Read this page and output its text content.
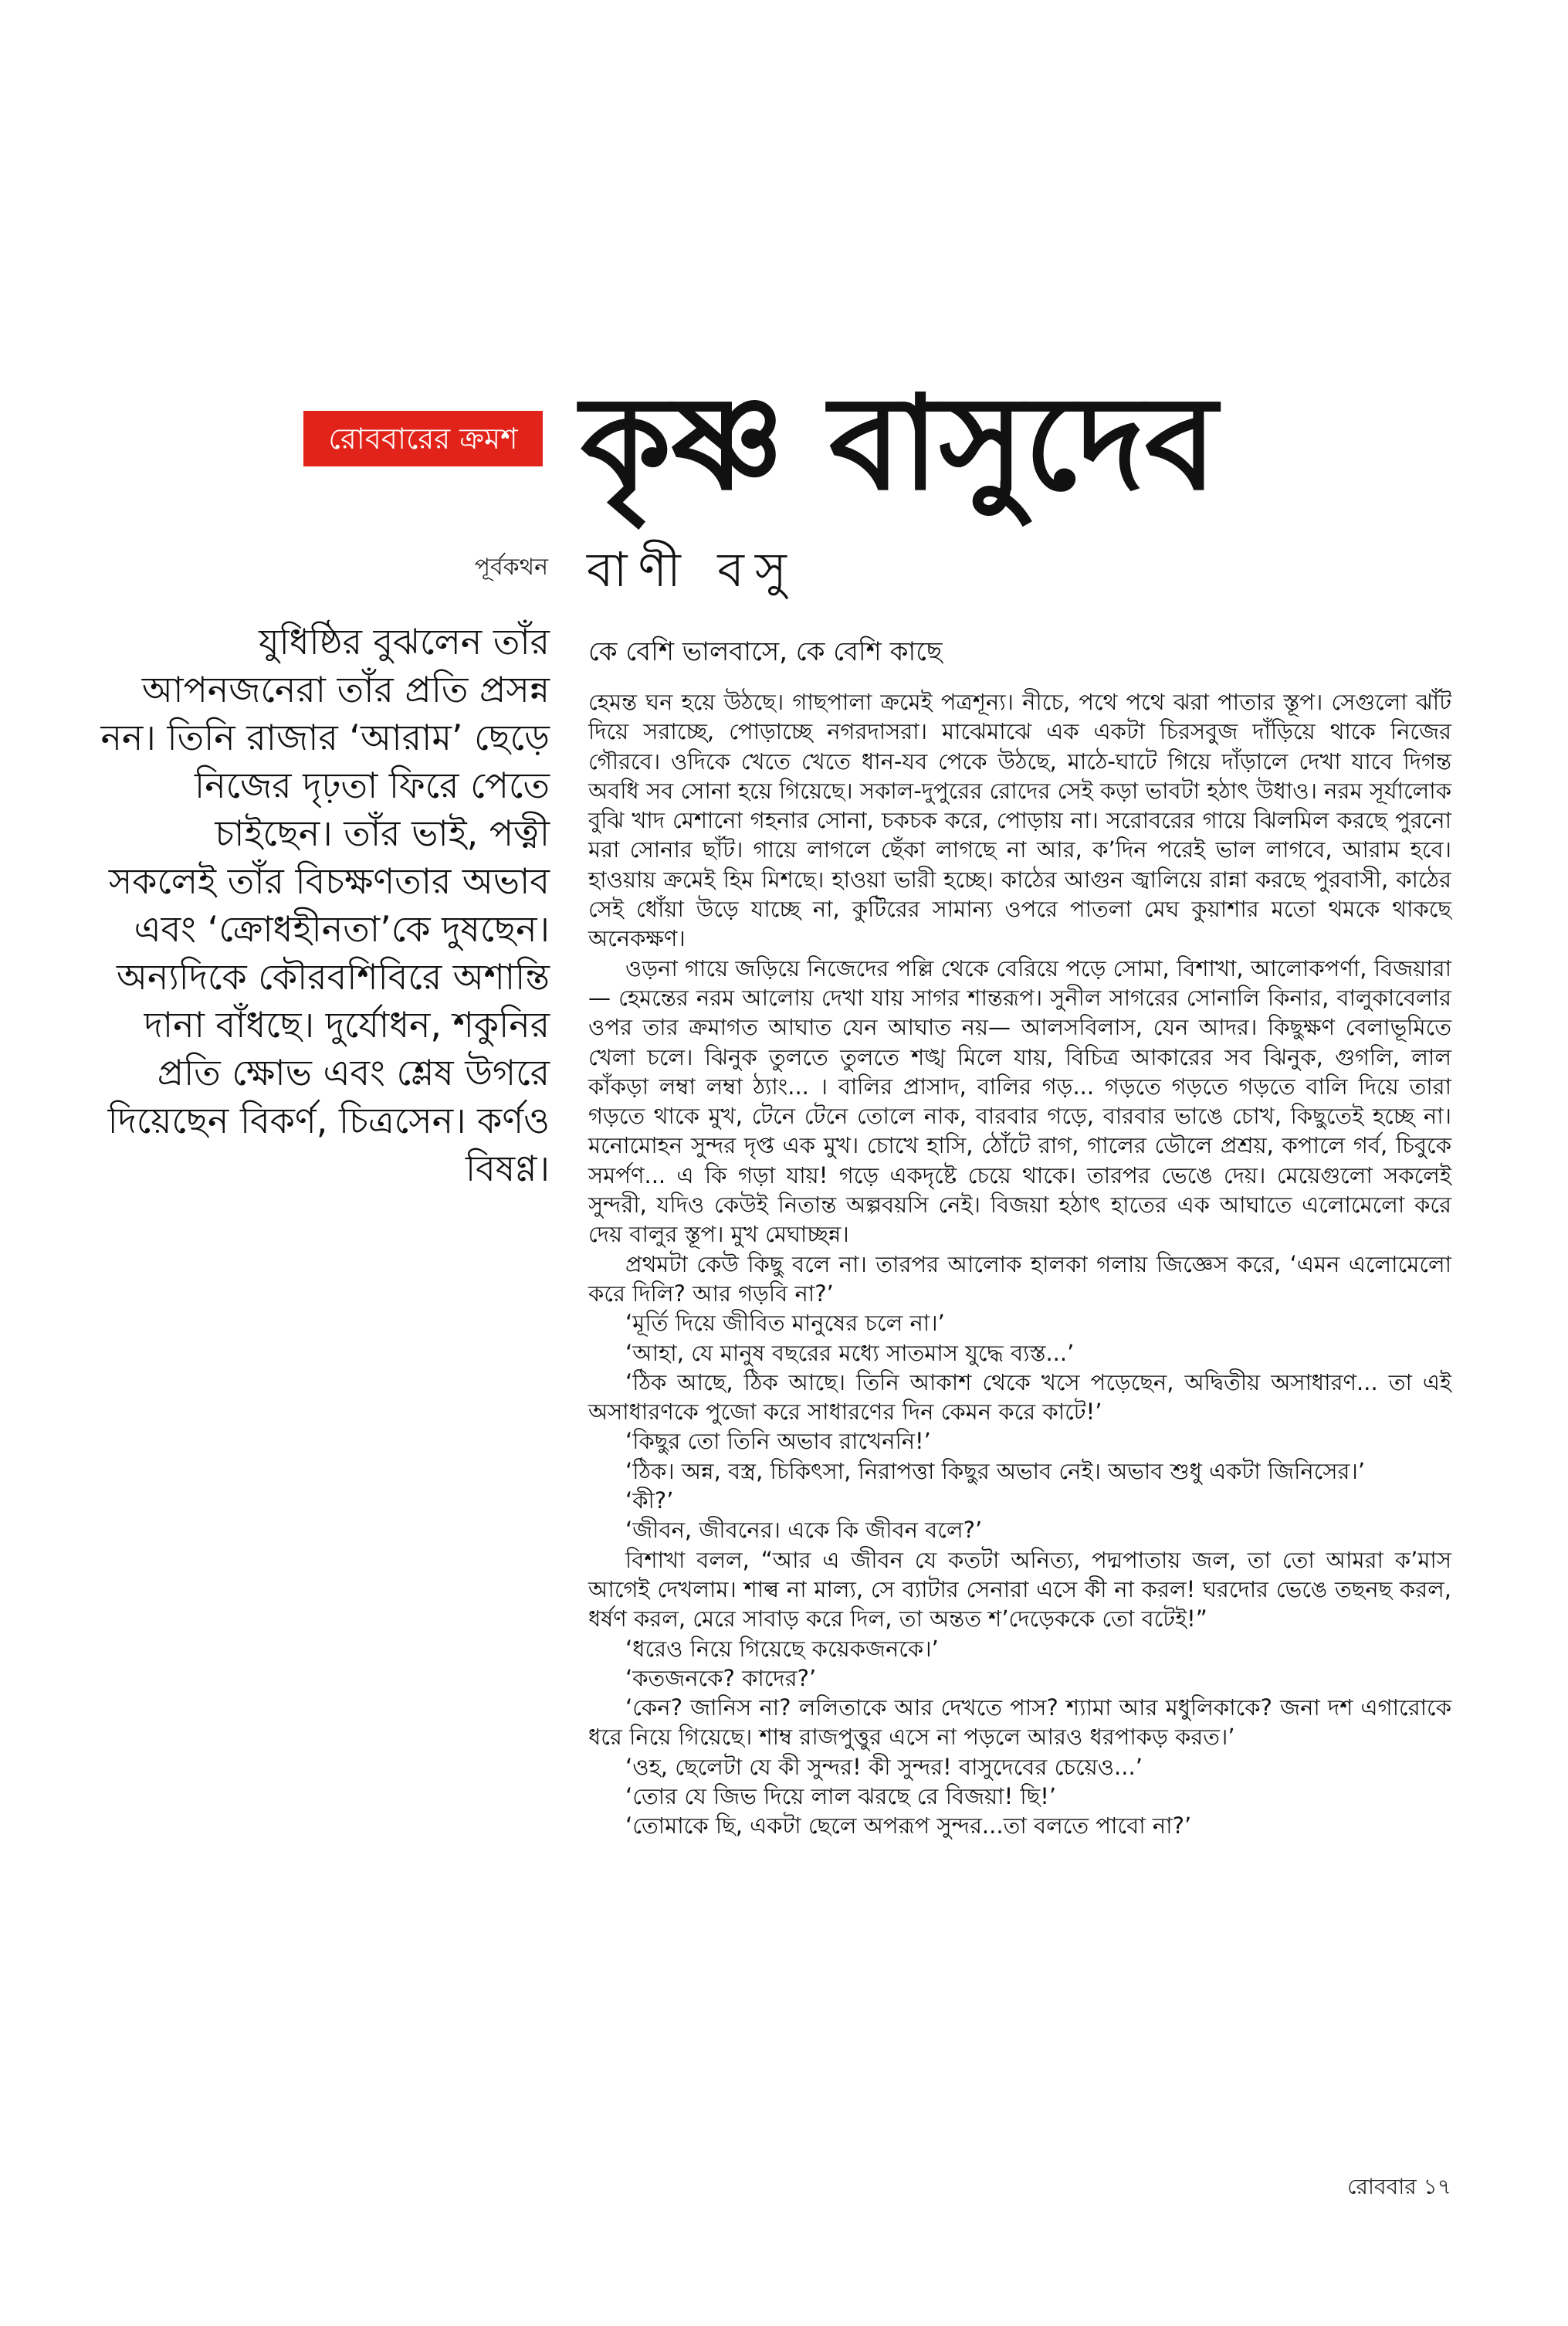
রোববারের ক্রমশ কৃষ্ণ বাসুদেব
পূর্বকথন বাণী বসু
যুধিষ্ঠির বুঝলেন তাঁর আপনজনেরা তাঁর প্রতি প্রসন্ন নন। তিনি রাজার ‘আরাম’ ছেড়ে নিজের দৃঢ়তা ফিরে পেতে চাইছেন। তাঁর ভাই, পত্নী সকলেই তাঁর বিচক্ষণতার অভাব এবং ‘ক্রোধহীনতা’কে দুষছেন। অন্যদিকে কৌরবশিবিরে অশান্তি দানা বাঁধছে। দুর্যোধন, শকুনির প্রতি ক্ষোভ এবং শ্লেষ উগরে দিয়েছেন বিকর্ণ, চিত্রসেন। কর্ণও বিষণ্ণ।
কে বেশি ভালবাসে, কে বেশি কাছে

হেমন্ত ঘন হয়ে উঠছে। গাছপালা ক্রমেই পত্রশূন্য। নীচে, পথে পথে ঝরা পাতার স্তূপ। সেগুলো ঝাঁট দিয়ে সরাচ্ছে, পোড়াচ্ছে নগরদাসরা। মাঝেমাঝে এক একটা চিরসবুজ দাঁড়িয়ে থাকে নিজের গৌরবে। ওদিকে খেতে খেতে ধান-যব পেকে উঠছে, মাঠে-ঘাটে গিয়ে দাঁড়ালে দেখা যাবে দিগন্ত অবধি সব সোনা হয়ে গিয়েছে। সকাল-দুপুরের রোদের সেই কড়া ভাবটা হঠাৎ উধাও। নরম সূর্যালোক বুঝি খাদ মেশানো গহনার সোনা, চকচক করে, পোড়ায় না। সরোবরের গায়ে ঝিলমিল করছে পুরনো মরা সোনার ছাঁট। গায়ে লাগলে ছেঁকা লাগছে না আর, ক’দিন পরেই ভাল লাগবে, আরাম হবে। হাওয়ায় ক্রমেই হিম মিশছে। হাওয়া ভারী হচ্ছে। কাঠের আগুন জ্বালিয়ে রান্না করছে পুরবাসী, কাঠের সেই ধোঁয়া উড়ে যাচ্ছে না, কুটিরের সামান্য ওপরে পাতলা মেঘ কুয়াশার মতো থমকে থাকছে অনেকক্ষণ।

ওড়না গায়ে জড়িয়ে নিজেদের পল্লি থেকে বেরিয়ে পড়ে সোমা, বিশাখা, আলোকপর্ণা, বিজয়ারা— হেমন্তের নরম আলোয় দেখা যায় সাগর শান্তরূপ। সুনীল সাগরের সোনালি কিনার, বালুকাবেলার ওপর তার ক্রমাগত আঘাত যেন আঘাত নয়— আলসবিলাস, যেন আদর। কিছুক্ষণ বেলাভূমিতে খেলা চলে। ঝিনুক তুলতে তুলতে শঙ্খ মিলে যায়, বিচিত্র আকারের সব ঝিনুক, গুগলি, লাল কাঁকড়া লম্বা লম্বা ঠ্যাং... । বালির প্রাসাদ, বালির গড়... গড়তে গড়তে গড়তে বালি দিয়ে তারা গড়তে থাকে মুখ, টেনে টেনে তোলে নাক, বারবার গড়ে, বারবার ভাঙে চোখ, কিছুতেই হচ্ছে না। মনোমোহন সুন্দর দৃপ্ত এক মুখ। চোখে হাসি, ঠোঁটে রাগ, গালের ডৌলে প্রশ্রয়, কপালে গর্ব, চিবুকে সমর্পণ... এ কি গড়া যায়! গড়ে একদৃষ্টে চেয়ে থাকে। তারপর ভেঙে দেয়। মেয়েগুলো সকলেই সুন্দরী, যদিও কেউই নিতান্ত অল্পবয়সি নেই। বিজয়া হঠাৎ হাতের এক আঘাতে এলোমেলো করে দেয় বালুর স্তূপ। মুখ মেঘাচ্ছন্ন।

প্রথমটা কেউ কিছু বলে না। তারপর আলোক হালকা গলায় জিজ্ঞেস করে, ‘এমন এলোমেলো করে দিলি? আর গড়বি না?’

‘মূর্তি দিয়ে জীবিত মানুষের চলে না।’

‘আহা, যে মানুষ বছরের মধ্যে সাতমাস যুদ্ধে ব্যস্ত...’

‘ঠিক আছে, ঠিক আছে। তিনি আকাশ থেকে খসে পড়েছেন, অদ্বিতীয় অসাধারণ... তা এই অসাধারণকে পুজো করে সাধারণের দিন কেমন করে কাটে!’

‘কিছুর তো তিনি অভাব রাখেননি!’

‘ঠিক। অন্ন, বস্ত্র, চিকিৎসা, নিরাপত্তা কিছুর অভাব নেই। অভাব শুধু একটা জিনিসের।’

‘কী?’

‘জীবন, জীবনের। একে কি জীবন বলে?’

বিশাখা বলল, “আর এ জীবন যে কতটা অনিত্য, পদ্মপাতায় জল, তা তো আমরা ক’মাস আগেই দেখলাম। শাল্ব না মাল্য, সে ব্যাটার সেনারা এসে কী না করল! ঘরদোর ভেঙে তছনছ করল, ধর্ষণ করল, মেরে সাবাড় করে দিল, তা অন্তত শ’দেড়েককে তো বটেই!”

‘ধরেও নিয়ে গিয়েছে কয়েকজনকে।’

‘কতজনকে? কাদের?’

‘কেন? জানিস না? ললিতাকে আর দেখতে পাস? শ্যামা আর মধুলিকাকে? জনা দশ এগারোকে ধরে নিয়ে গিয়েছে। শাম্ব রাজপুত্তুর এসে না পড়লে আরও ধরপাকড় করত।’

‘ওহ, ছেলেটা যে কী সুন্দর! কী সুন্দর! বাসুদেবের চেয়েও...’

‘তোর যে জিভ দিয়ে লাল ঝরছে রে বিজয়া! ছি!’

‘তোমাকে ছি, একটা ছেলে অপরূপ সুন্দর...তা বলতে পাবো না?’

রোববার ১৭
